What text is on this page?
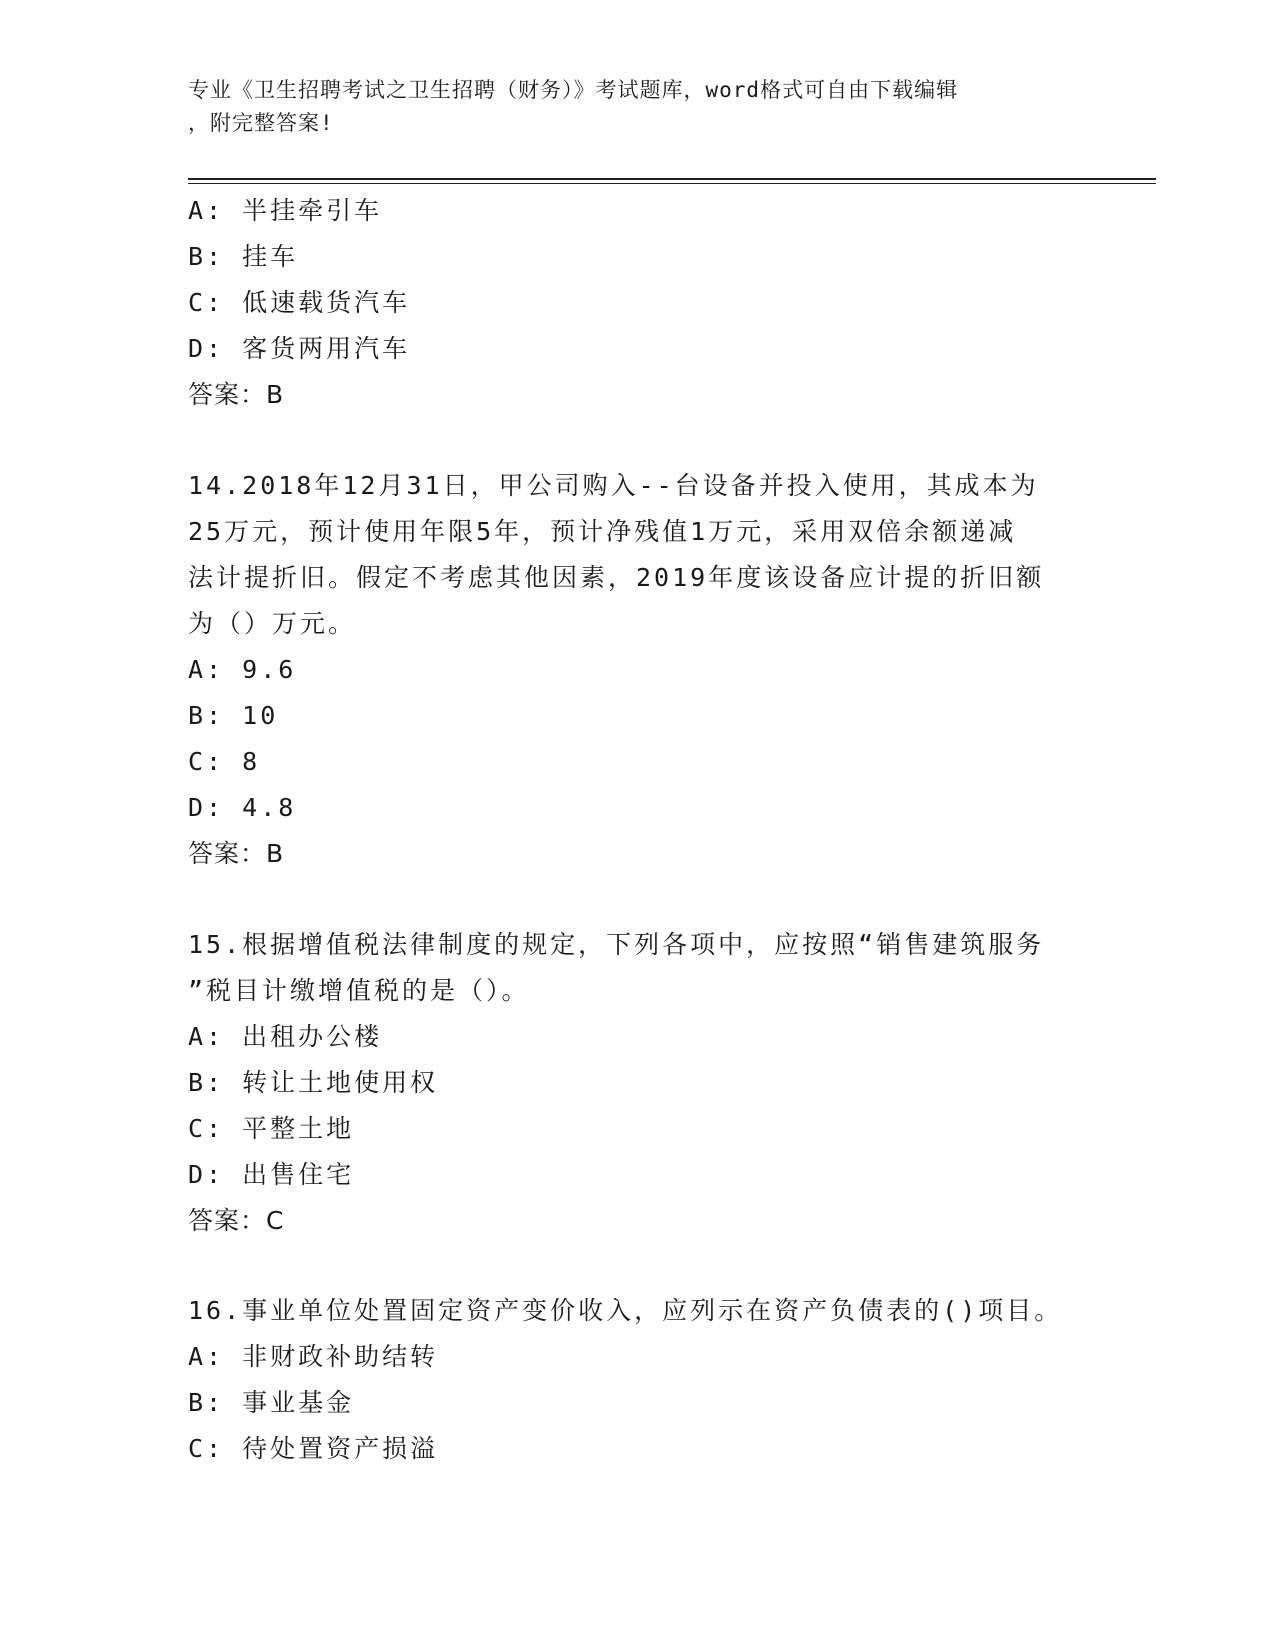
专业《卫生招聘考试之卫生招聘（财务）》考试题库，word格式可自由下载编辑
，附完整答案!
A: 半挂牵引车
B: 挂车
C: 低速载货汽车
D: 客货两用汽车
答案：B
14.2018年12月31日，甲公司购入--台设备并投入使用，其成本为
25万元，预计使用年限5年，预计净残值1万元，采用双倍余额递减
法计提折旧。假定不考虑其他因素，2019年度该设备应计提的折旧额
为（）万元。
A: 9.6
B: 10
C: 8
D: 4.8
答案：B
15.根据增值税法律制度的规定，下列各项中，应按照“销售建筑服务
”税目计缴增值税的是（）。
A: 出租办公楼
B: 转让土地使用权
C: 平整土地
D: 出售住宅
答案：C
16.事业单位处置固定资产变价收入，应列示在资产负债表的()项目。
A: 非财政补助结转
B: 事业基金
C: 待处置资产损溢
